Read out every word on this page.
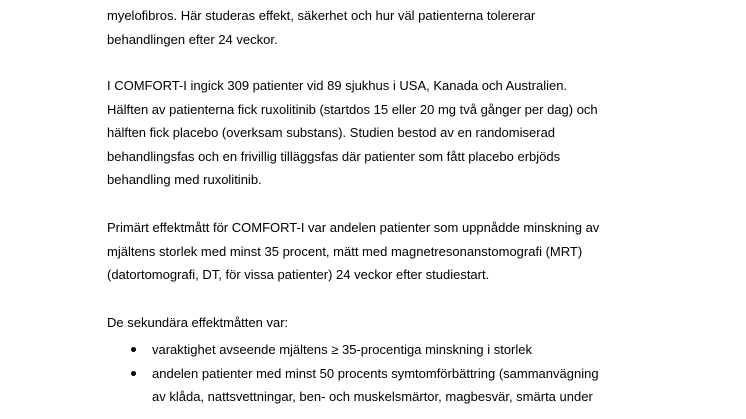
myelofibros. Här studeras effekt, säkerhet och hur väl patienterna tolererar
behandlingen efter 24 veckor.

I COMFORT-I ingick 309 patienter vid 89 sjukhus i USA, Kanada och Australien.
Hälften av patienterna fick ruxolitinib (startdos 15 eller 20 mg två gånger per dag) och
hälften fick placebo (overksam substans). Studien bestod av en randomiserad
behandlingsfas och en frivillig tilläggsfas där patienter som fått placebo erbjöds
behandling med ruxolitinib.

Primärt effektmått för COMFORT-I var andelen patienter som uppnådde minskning av
mjältens storlek med minst 35 procent, mätt med magnetresonanstomografi (MRT)
(datortomografi, DT, för vissa patienter) 24 veckor efter studiestart.

De sekundära effektmåtten var:

varaktighet avseende mjältens ≥ 35-procentiga minskning i storlek
andelen patienter med minst 50 procents symtomförbättring (sammanvägning
av klåda, nattsvettningar, ben- och muskelsmärtor, magbesvär, smärta under
